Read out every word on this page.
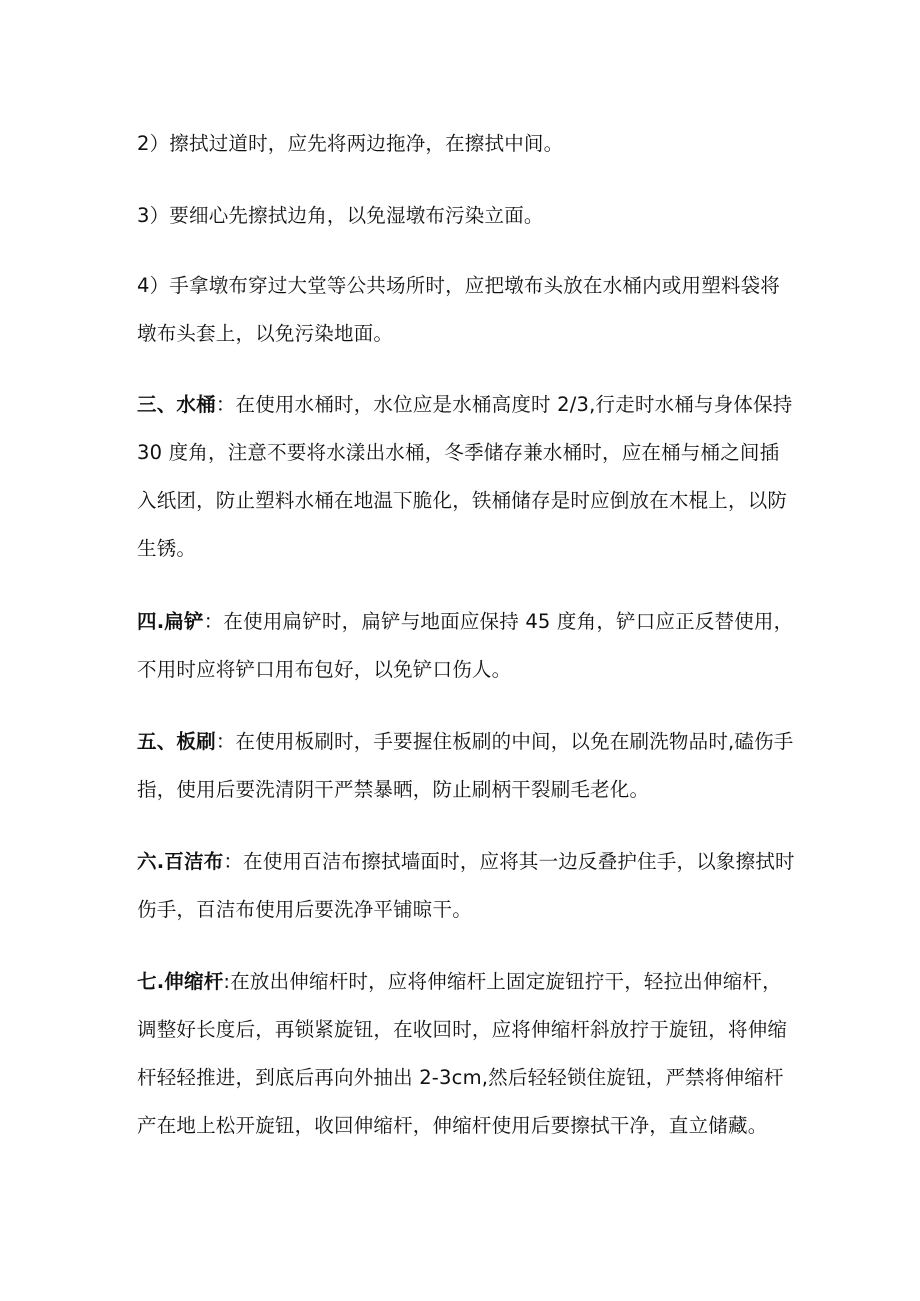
2）擦拭过道时，应先将两边拖净，在擦拭中间。

3）要细心先擦拭边角，以免湿墩布污染立面。

4）手拿墩布穿过大堂等公共场所时，应把墩布头放在水桶内或用塑料袋将墩布头套上，以免污染地面。

三、水桶：在使用水桶时，水位应是水桶高度时 2/3,行走时水桶与身体保持 30 度角，注意不要将水漾出水桶，冬季储存兼水桶时，应在桶与桶之间插入纸团，防止塑料水桶在地温下脆化，铁桶储存是时应倒放在木棍上，以防生锈。

四.扁铲：在使用扁铲时，扁铲与地面应保持 45 度角，铲口应正反替使用，不用时应将铲口用布包好，以免铲口伤人。

五、板刷：在使用板刷时，手要握住板刷的中间，以免在刷洗物品时,磕伤手指，使用后要洗清阴干严禁暴晒，防止刷柄干裂刷毛老化。

六.百洁布：在使用百洁布擦拭墙面时，应将其一边反叠护住手，以象擦拭时伤手，百洁布使用后要洗净平铺晾干。

七.伸缩杆:在放出伸缩杆时，应将伸缩杆上固定旋钮拧干，轻拉出伸缩杆，调整好长度后，再锁紧旋钮，在收回时，应将伸缩杆斜放拧于旋钮，将伸缩杆轻轻推进，到底后再向外抽出 2-3cm,然后轻轻锁住旋钮，严禁将伸缩杆产在地上松开旋钮，收回伸缩杆，伸缩杆使用后要擦拭干净，直立储藏。
